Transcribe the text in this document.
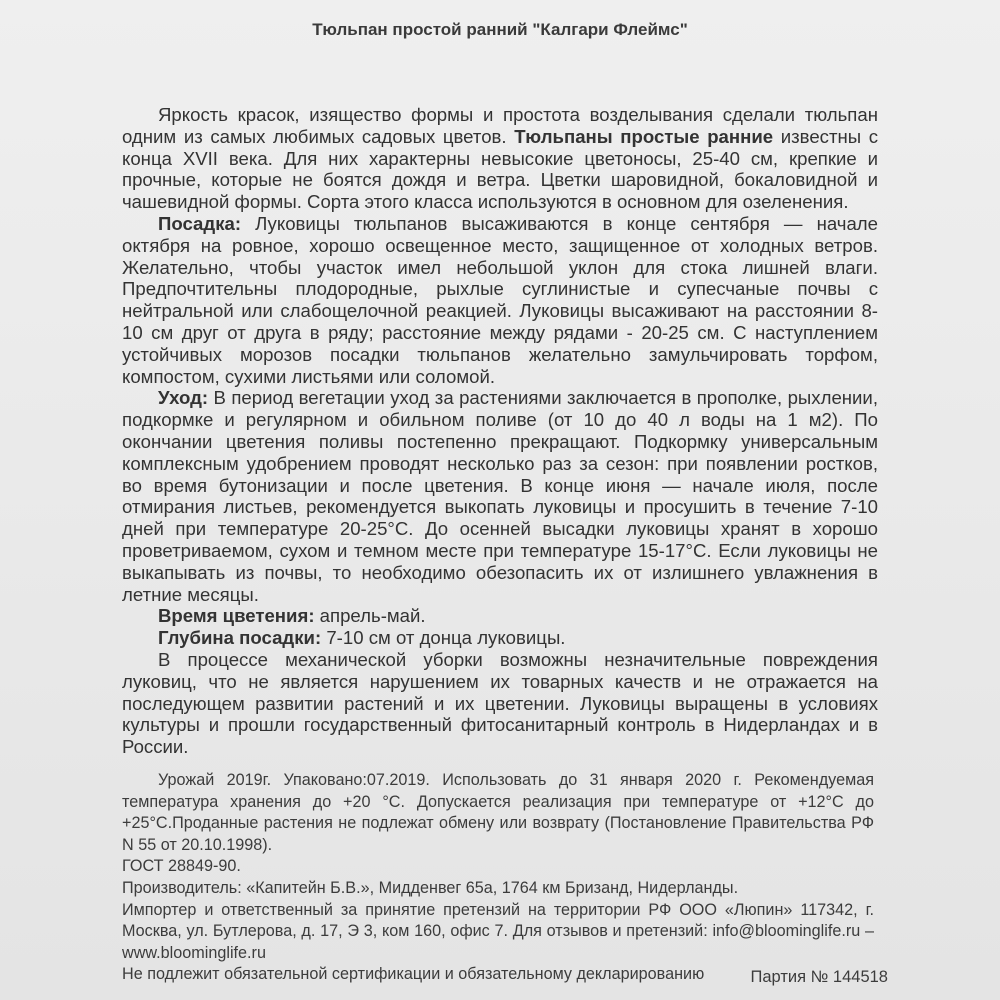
Тюльпан простой ранний "Калгари Флеймс"

Яркость красок, изящество формы и простота возделывания сделали тюльпан одним из самых любимых садовых цветов. Тюльпаны простые ранние известны с конца XVII века. Для них характерны невысокие цветоносы, 25-40 см, крепкие и прочные, которые не боятся дождя и ветра. Цветки шаровидной, бокаловидной и чашевидной формы. Сорта этого класса используются в основном для озеленения.

Посадка: Луковицы тюльпанов высаживаются в конце сентября — начале октября на ровное, хорошо освещенное место, защищенное от холодных ветров. Желательно, чтобы участок имел небольшой уклон для стока лишней влаги. Предпочтительны плодородные, рыхлые суглинистые и супесчаные почвы с нейтральной или слабощелочной реакцией. Луковицы высаживают на расстоянии 8-10 см друг от друга в ряду; расстояние между рядами - 20-25 см. С наступлением устойчивых морозов посадки тюльпанов желательно замульчировать торфом, компостом, сухими листьями или соломой.

Уход: В период вегетации уход за растениями заключается в прополке, рыхлении, подкормке и регулярном и обильном поливе (от 10 до 40 л воды на 1 м2). По окончании цветения поливы постепенно прекращают. Подкормку универсальным комплексным удобрением проводят несколько раз за сезон: при появлении ростков, во время бутонизации и после цветения. В конце июня — начале июля, после отмирания листьев, рекомендуется выкопать луковицы и просушить в течение 7-10 дней при температуре 20-25°С. До осенней высадки луковицы хранят в хорошо проветриваемом, сухом и темном месте при температуре 15-17°С. Если луковицы не выкапывать из почвы, то необходимо обезопасить их от излишнего увлажнения в летние месяцы.

Время цветения: апрель-май.

Глубина посадки: 7-10 см от донца луковицы.

В процессе механической уборки возможны незначительные повреждения луковиц, что не является нарушением их товарных качеств и не отражается на последующем развитии растений и их цветении. Луковицы выращены в условиях культуры и прошли государственный фитосанитарный контроль в Нидерландах и в России.

Урожай 2019г. Упаковано:07.2019. Использовать до 31 января 2020 г. Рекомендуемая температура хранения до +20 °С. Допускается реализация при температуре от +12°С до +25°С.Проданные растения не подлежат обмену или возврату (Постановление Правительства РФ N 55 от 20.10.1998).

ГОСТ 28849-90.

Производитель: «Капитейн Б.В.», Мидденвег 65а, 1764 км Бризанд, Нидерланды.

Импортер и ответственный за принятие претензий на территории РФ ООО «Люпин» 117342, г. Москва, ул. Бутлерова, д. 17, Э 3, ком 160, офис 7. Для отзывов и претензий: info@bloominglife.ru – www.bloominglife.ru

Не подлежит обязательной сертификации и обязательному декларированию	Партия № 144518
